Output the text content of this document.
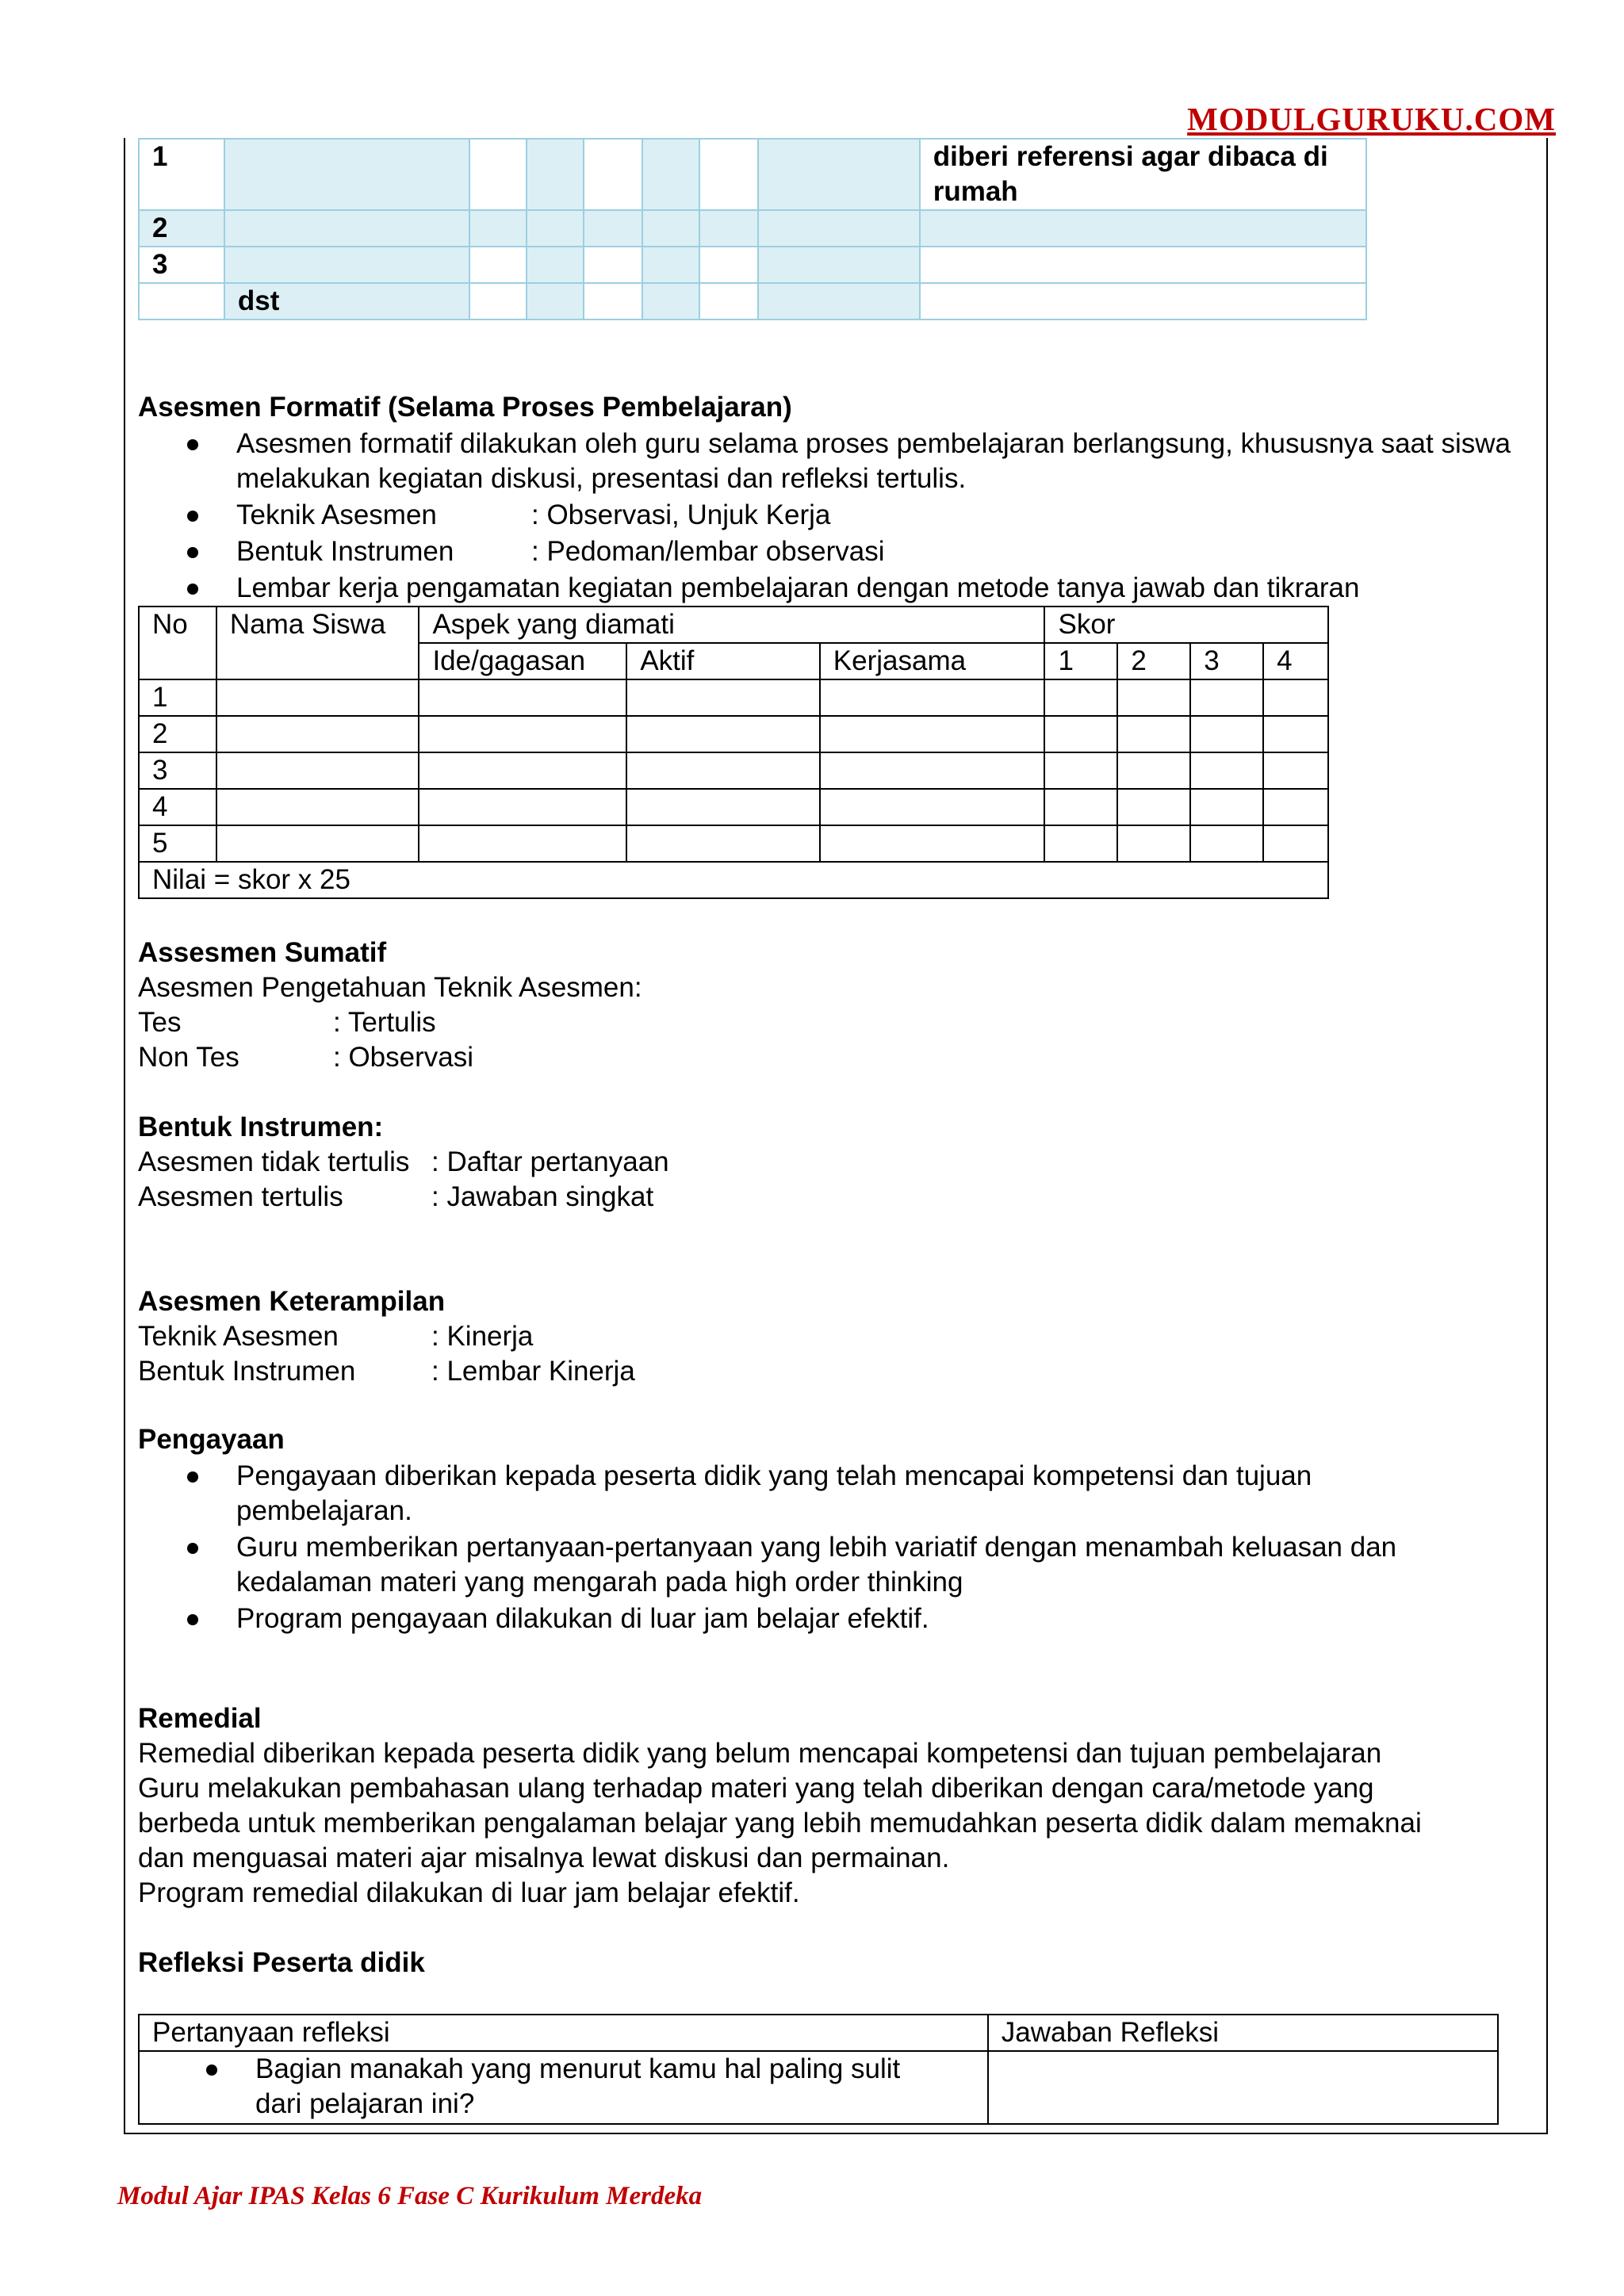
MODULGURUKU.COM
1								diberi referensi agar dibaca di rumah
2								
3								
	dst							
Asesmen Formatif (Selama Proses Pembelajaran)
Asesmen formatif dilakukan oleh guru selama proses pembelajaran berlangsung, khususnya saat siswa melakukan kegiatan diskusi, presentasi dan refleksi tertulis.
Teknik Asesmen	: Observasi, Unjuk Kerja
Bentuk Instrumen	: Pedoman/lembar observasi
Lembar kerja pengamatan kegiatan pembelajaran dengan metode tanya jawab dan tikraran
No	Nama Siswa	Aspek yang diamati			Skor			
		Ide/gagasan	Aktif	Kerjasama	1	2	3	4
1								
2								
3								
4								
5								
Nilai = skor x 25								
Assesmen Sumatif
Asesmen Pengetahuan Teknik Asesmen:
Tes	: Tertulis
Non Tes	: Observasi
Bentuk Instrumen:
Asesmen tidak tertulis : Daftar pertanyaan
Asesmen tertulis	: Jawaban singkat
Asesmen Keterampilan
Teknik Asesmen	: Kinerja
Bentuk Instrumen	: Lembar Kinerja
Pengayaan
Pengayaan diberikan kepada peserta didik yang telah mencapai kompetensi dan tujuan
pembelajaran.
Guru memberikan pertanyaan-pertanyaan yang lebih variatif dengan menambah keluasan dan
kedalaman materi yang mengarah pada high order thinking
Program pengayaan dilakukan di luar jam belajar efektif.
Remedial
Remedial diberikan kepada peserta didik yang belum mencapai kompetensi dan tujuan pembelajaran
Guru melakukan pembahasan ulang terhadap materi yang telah diberikan dengan cara/metode yang
berbeda untuk memberikan pengalaman belajar yang lebih memudahkan peserta didik dalam memaknai
dan menguasai materi ajar misalnya lewat diskusi dan permainan.
Program remedial dilakukan di luar jam belajar efektif.
Refleksi Peserta didik
Pertanyaan refleksi	Jawaban Refleksi

Bagian manakah yang menurut kamu hal paling sulit
dari pelajaran ini?	

Modul Ajar IPAS Kelas 6 Fase C Kurikulum Merdeka
